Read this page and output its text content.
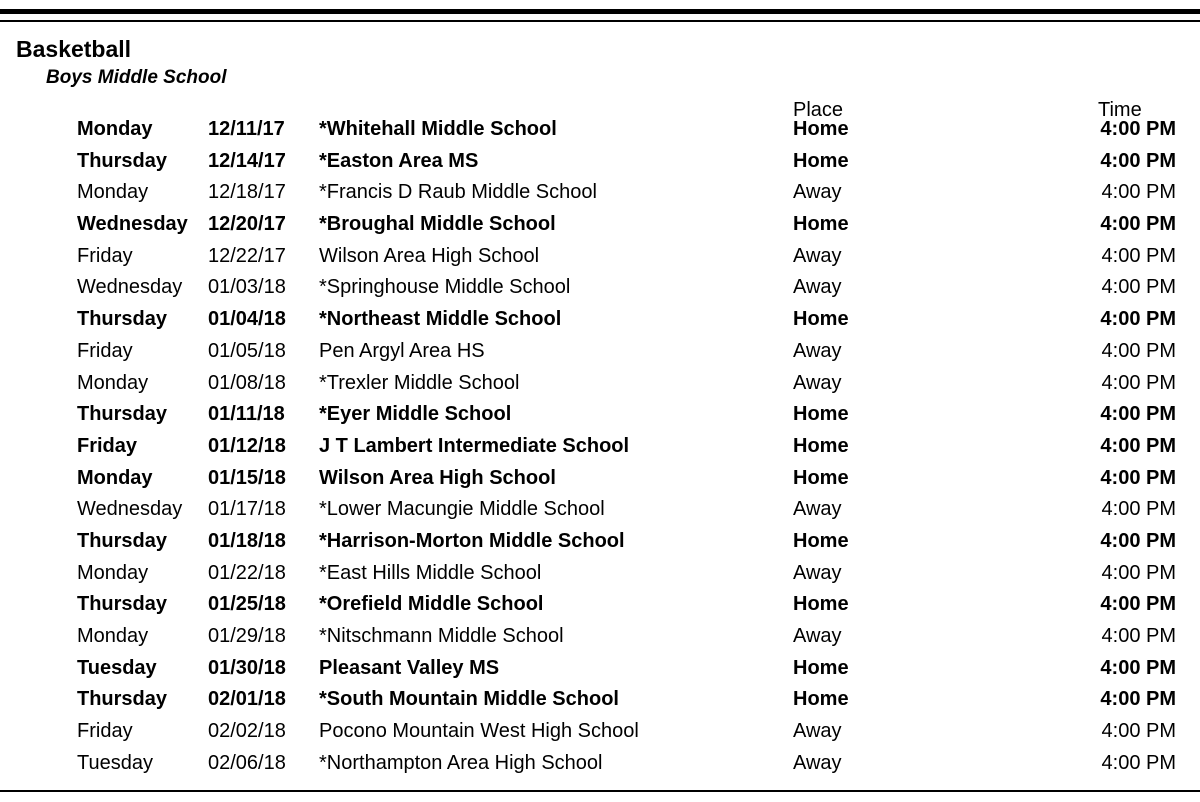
Basketball
Boys Middle School
Place	Time
Monday	12/11/17 *Whitehall Middle School	Home	4:00 PM
Thursday 12/14/17 *Easton Area MS	Home	4:00 PM
Monday	12/18/17 *Francis D Raub Middle School	Away	4:00 PM
Wednesday 12/20/17 *Broughal Middle School	Home	4:00 PM
Friday	12/22/17 Wilson Area High School	Away	4:00 PM
Wednesday 01/03/18 *Springhouse Middle School	Away	4:00 PM
Thursday 01/04/18 *Northeast Middle School	Home	4:00 PM
Friday	01/05/18 Pen Argyl Area HS	Away	4:00 PM
Monday	01/08/18 *Trexler Middle School	Away	4:00 PM
Thursday 01/11/18 *Eyer Middle School	Home	4:00 PM
Friday	01/12/18 J T Lambert Intermediate School	Home	4:00 PM
Monday	01/15/18 Wilson Area High School	Home	4:00 PM
Wednesday 01/17/18 *Lower Macungie Middle School	Away	4:00 PM
Thursday 01/18/18 *Harrison-Morton Middle School	Home	4:00 PM
Monday	01/22/18 *East Hills Middle School	Away	4:00 PM
Thursday 01/25/18 *Orefield Middle School	Home	4:00 PM
Monday	01/29/18 *Nitschmann Middle School	Away	4:00 PM
Tuesday	01/30/18 Pleasant Valley MS	Home	4:00 PM
Thursday 02/01/18 *South Mountain Middle School	Home	4:00 PM
Friday	02/02/18 Pocono Mountain West High School	Away	4:00 PM
Tuesday	02/06/18 *Northampton Area High School	Away	4:00 PM
